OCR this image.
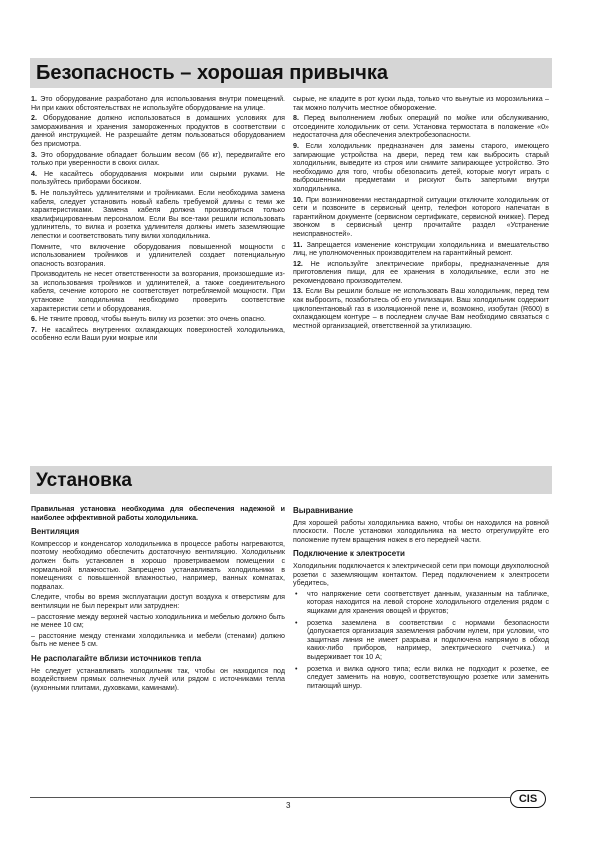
Безопасность – хорошая привычка

1. Это оборудование разработано для использования внутри помещений. Ни при каких обстоятельствах не используйте оборудование на улице.

2. Оборудование должно использоваться в домашних условиях для замораживания и хранения замороженных продуктов в соответствии с данной инструкцией. Не разрешайте детям пользоваться оборудованием без присмотра.

3. Это оборудование обладает большим весом (66 кг), передвигайте его только при уверенности в своих силах.

4. Не касайтесь оборудования мокрыми или сырыми руками. Не пользуйтесь приборами босиком.

5. Не пользуйтесь удлинителями и тройниками. Если необходима замена кабеля, следует установить новый кабель требуемой длины с теми же характеристиками. Замена кабеля должна производиться только квалифицированным персоналом. Если Вы все-таки решили использовать удлинитель, то вилка и розетка удлинителя должны иметь заземляющие лепестки и соответствовать типу вилки холодильника.

Помните, что включение оборудования повышенной мощности с использованием тройников и удлинителей создает потенциальную опасность возгорания.

Производитель не несет ответственности за возгорания, произошедшие из-за использования тройников и удлинителей, а также соединительного кабеля, сечение которого не соответствует потребляемой мощности. При установке холодильника необходимо проверить соответствие характеристик сети и оборудования.

6. Не тяните провод, чтобы вынуть вилку из розетки: это очень опасно.

7. Не касайтесь внутренних охлаждающих поверхностей холодильника, особенно если Ваши руки мокрые или

сырые, не кладите в рот куски льда, только что вынутые из морозильника – так можно получить местное обморожение.

8. Перед выполнением любых операций по мойке или обслуживанию, отсоедините холодильник от сети. Установка термостата в положение «0» недостаточна для обеспечения электробезопасности.

9. Если холодильник предназначен для замены старого, имеющего запирающие устройства на двери, перед тем как выбросить старый холодильник, выведите из строя или снимите запирающее устройство. Это необходимо для того, чтобы обезопасить детей, которые могут играть с выброшенными предметами и рискуют быть запертыми внутри холодильника.

10. При возникновении нестандартной ситуации отключите холодильник от сети и позвоните в сервисный центр, телефон которого напечатан в гарантийном документе (сервисном сертификате, сервисной книжке). Перед звонком в сервисный центр прочитайте раздел «Устранение неисправностей».

11. Запрещается изменение конструкции холодильника и вмешательство лиц, не уполномоченных производителем на гарантийный ремонт.

12. Не используйте электрические приборы, предназначенные для приготовления пищи, для ее хранения в холодильнике, если это не рекомендовано производителем.

13. Если Вы решили больше не использовать Ваш холодильник, перед тем как выбросить, позаботьтесь об его утилизации. Ваш холодильник содержит циклопентановый газ в изоляционной пене и, возможно, изобутан (R600) в охлаждающем контуре – в последнем случае Вам необходимо связаться с местной организацией, ответственной за утилизацию.

Установка

Правильная установка необходима для обеспечения надежной и наиболее эффективной работы холодильника.

Вентиляция

Компрессор и конденсатор холодильника в процессе работы нагреваются, поэтому необходимо обеспечить достаточную вентиляцию. Холодильник должен быть установлен в хорошо проветриваемом помещении с нормальной влажностью. Запрещено устанавливать холодильники в помещениях с повышенной влажностью, например, ванных комнатах, подвалах.

Следите, чтобы во время эксплуатации доступ воздуха к отверстиям для вентиляции не был перекрыт или затруднен:

– расстояние между верхней частью холодильника и мебелью должно быть не менее 10 см;

– расстояние между стенками холодильника и мебели (стенами) должно быть не менее 5 см.

Не располагайте вблизи источников тепла

Не следует устанавливать холодильник так, чтобы он находился под воздействием прямых солнечных лучей или рядом с источниками тепла (кухонными плитами, духовками, каминами).

Выравнивание

Для хорошей работы холодильника важно, чтобы он находился на ровной плоскости. После установки холодильника на место отрегулируйте его положение путем вращения ножек в его передней части.

Подключение к электросети

Холодильник подключается к электрической сети при помощи двухполюсной розетки с заземляющим контактом. Перед подключением к электросети убедитесь,

• что напряжение сети соответствует данным, указанным на табличке, которая находится на левой стороне холодильного отделения рядом с ящиками для хранения овощей и фруктов;
• розетка заземлена в соответствии с нормами безопасности (допускается организация заземления рабочим нулем, при условии, что защитная линия не имеет разрыва и подключена напрямую в обход каких-либо приборов, например, электрического счетчика.) и выдерживает ток 10 А;
• розетка и вилка одного типа; если вилка не подходит к розетке, ее следует заменить на новую, соответствующую розетке или заменить питающий шнур.
3
CIS
